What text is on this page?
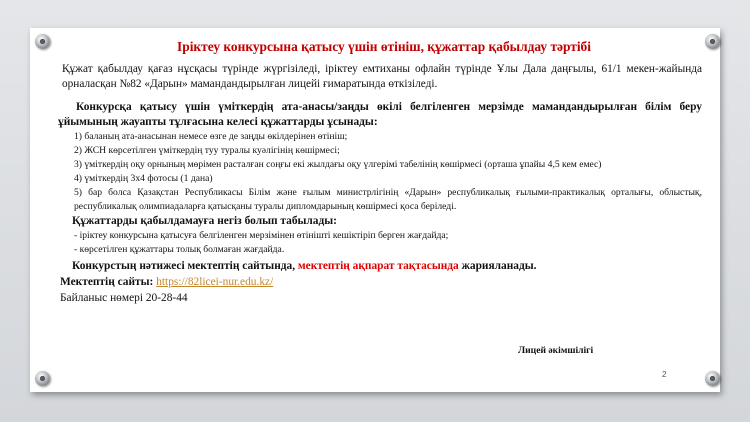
Іріктеу конкурсына қатысу үшін өтініш, құжаттар қабылдау тәртібі
Құжат қабылдау қағаз нұсқасы түрінде жүргізіледі, іріктеу емтиханы офлайн түрінде Ұлы Дала даңғылы, 61/1 мекен-жайында орналасқан №82 «Дарын» мамандандырылған лицейі ғимаратында өткізіледі.
Конкурсқа қатысу үшін үміткердің ата-анасы/заңды өкілі белгіленген мерзімде мамандандырылған білім беру ұйымының жауапты тұлғасына келесі құжаттарды ұсынады:
1) баланың ата-анасынан немесе өзге де заңды өкілдерінен өтініш;
2) ЖСН көрсетілген үміткердің туу туралы куәлігінің көшірмесі;
3) үміткердің оқу орнының мөрімен расталған соңғы екі жылдағы оқу үлгерімі табелінің көшірмесі (орташа ұпайы 4,5 кем емес)
4) үміткердің 3х4 фотосы (1 дана)
5) бар болса Қазақстан Республикасы Білім және ғылым министрлігінің «Дарын» республикалық ғылыми-практикалық орталығы, облыстық, республикалық олимпиадаларға қатысқаны туралы дипломдарының көшірмесі қоса беріледі.
Құжаттарды қабылдамауға негіз болып табылады:
- іріктеу конкурсына қатысуға белгіленген мерзімінен өтінішті кешіктіріп берген жағдайда;
- көрсетілген құжаттары толық болмаған жағдайда.
Конкурстың нәтижесі мектептің сайтында, мектептің ақпарат тақтасында жарияланады.
Мектептің сайты: https://82licei-nur.edu.kz/
Байланыс нөмері 20-28-44
Лицей әкімшілігі
2
